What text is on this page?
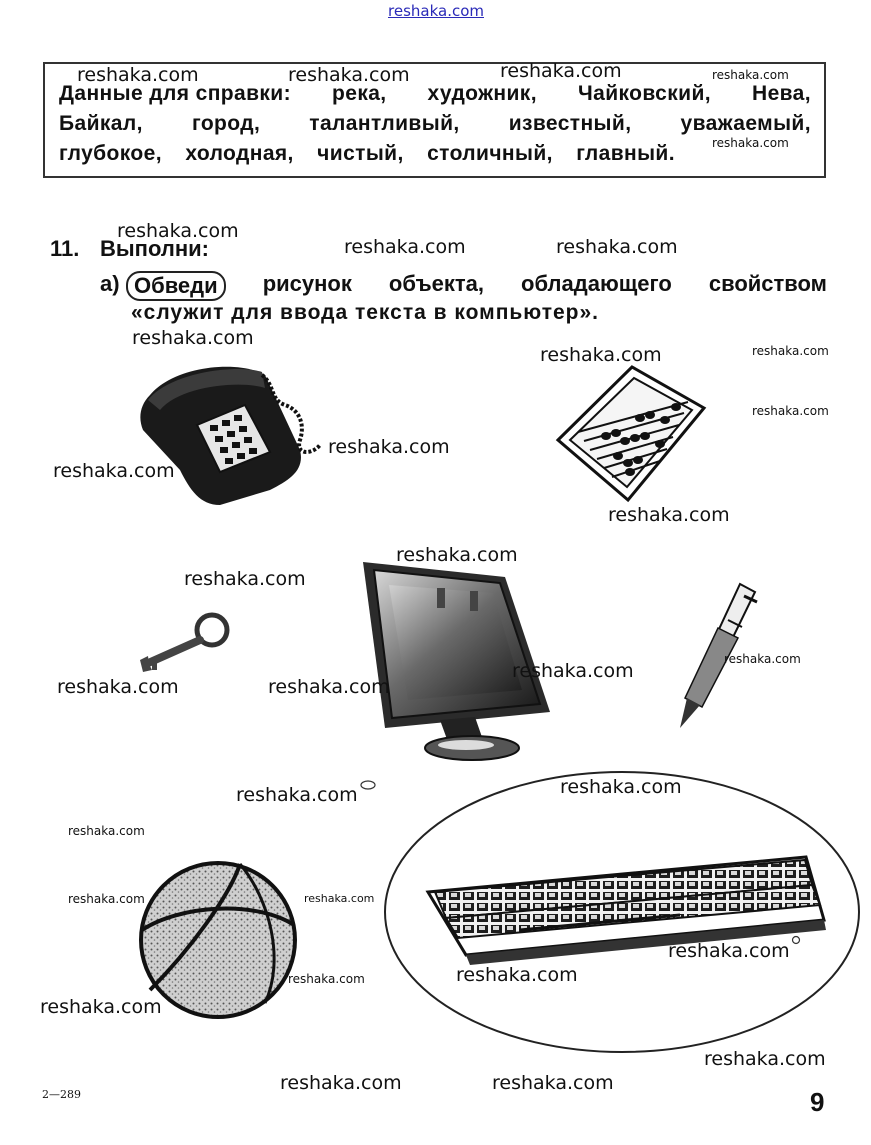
reshaka.com
Данные для справки: река, художник, Чайковский, Нева,
Байкал, город, талантливый, известный, уважаемый,
глубокое, холодная, чистый, столичный, главный.
11. Выполни:
а) Обведи	рисунок объекта, обладающего свойством
«служит для ввода текста в компьютер».
reshaka.com	reshaka.com	reshaka.com	reshaka.com
reshaka.com
reshaka.com
reshaka.com	reshaka.com
reshaka.com
reshaka.com	reshaka.com
reshaka.com
reshaka.com
reshaka.com
reshaka.com
reshaka.com
reshaka.com
reshaka.com
reshaka.com
reshaka.com	reshaka.com
reshaka.com
reshaka.com
reshaka.com
reshaka.com	reshaka.com
reshaka.com
reshaka.com
reshaka.com
reshaka.com
reshaka.com
reshaka.com	reshaka.com
2—289	9
